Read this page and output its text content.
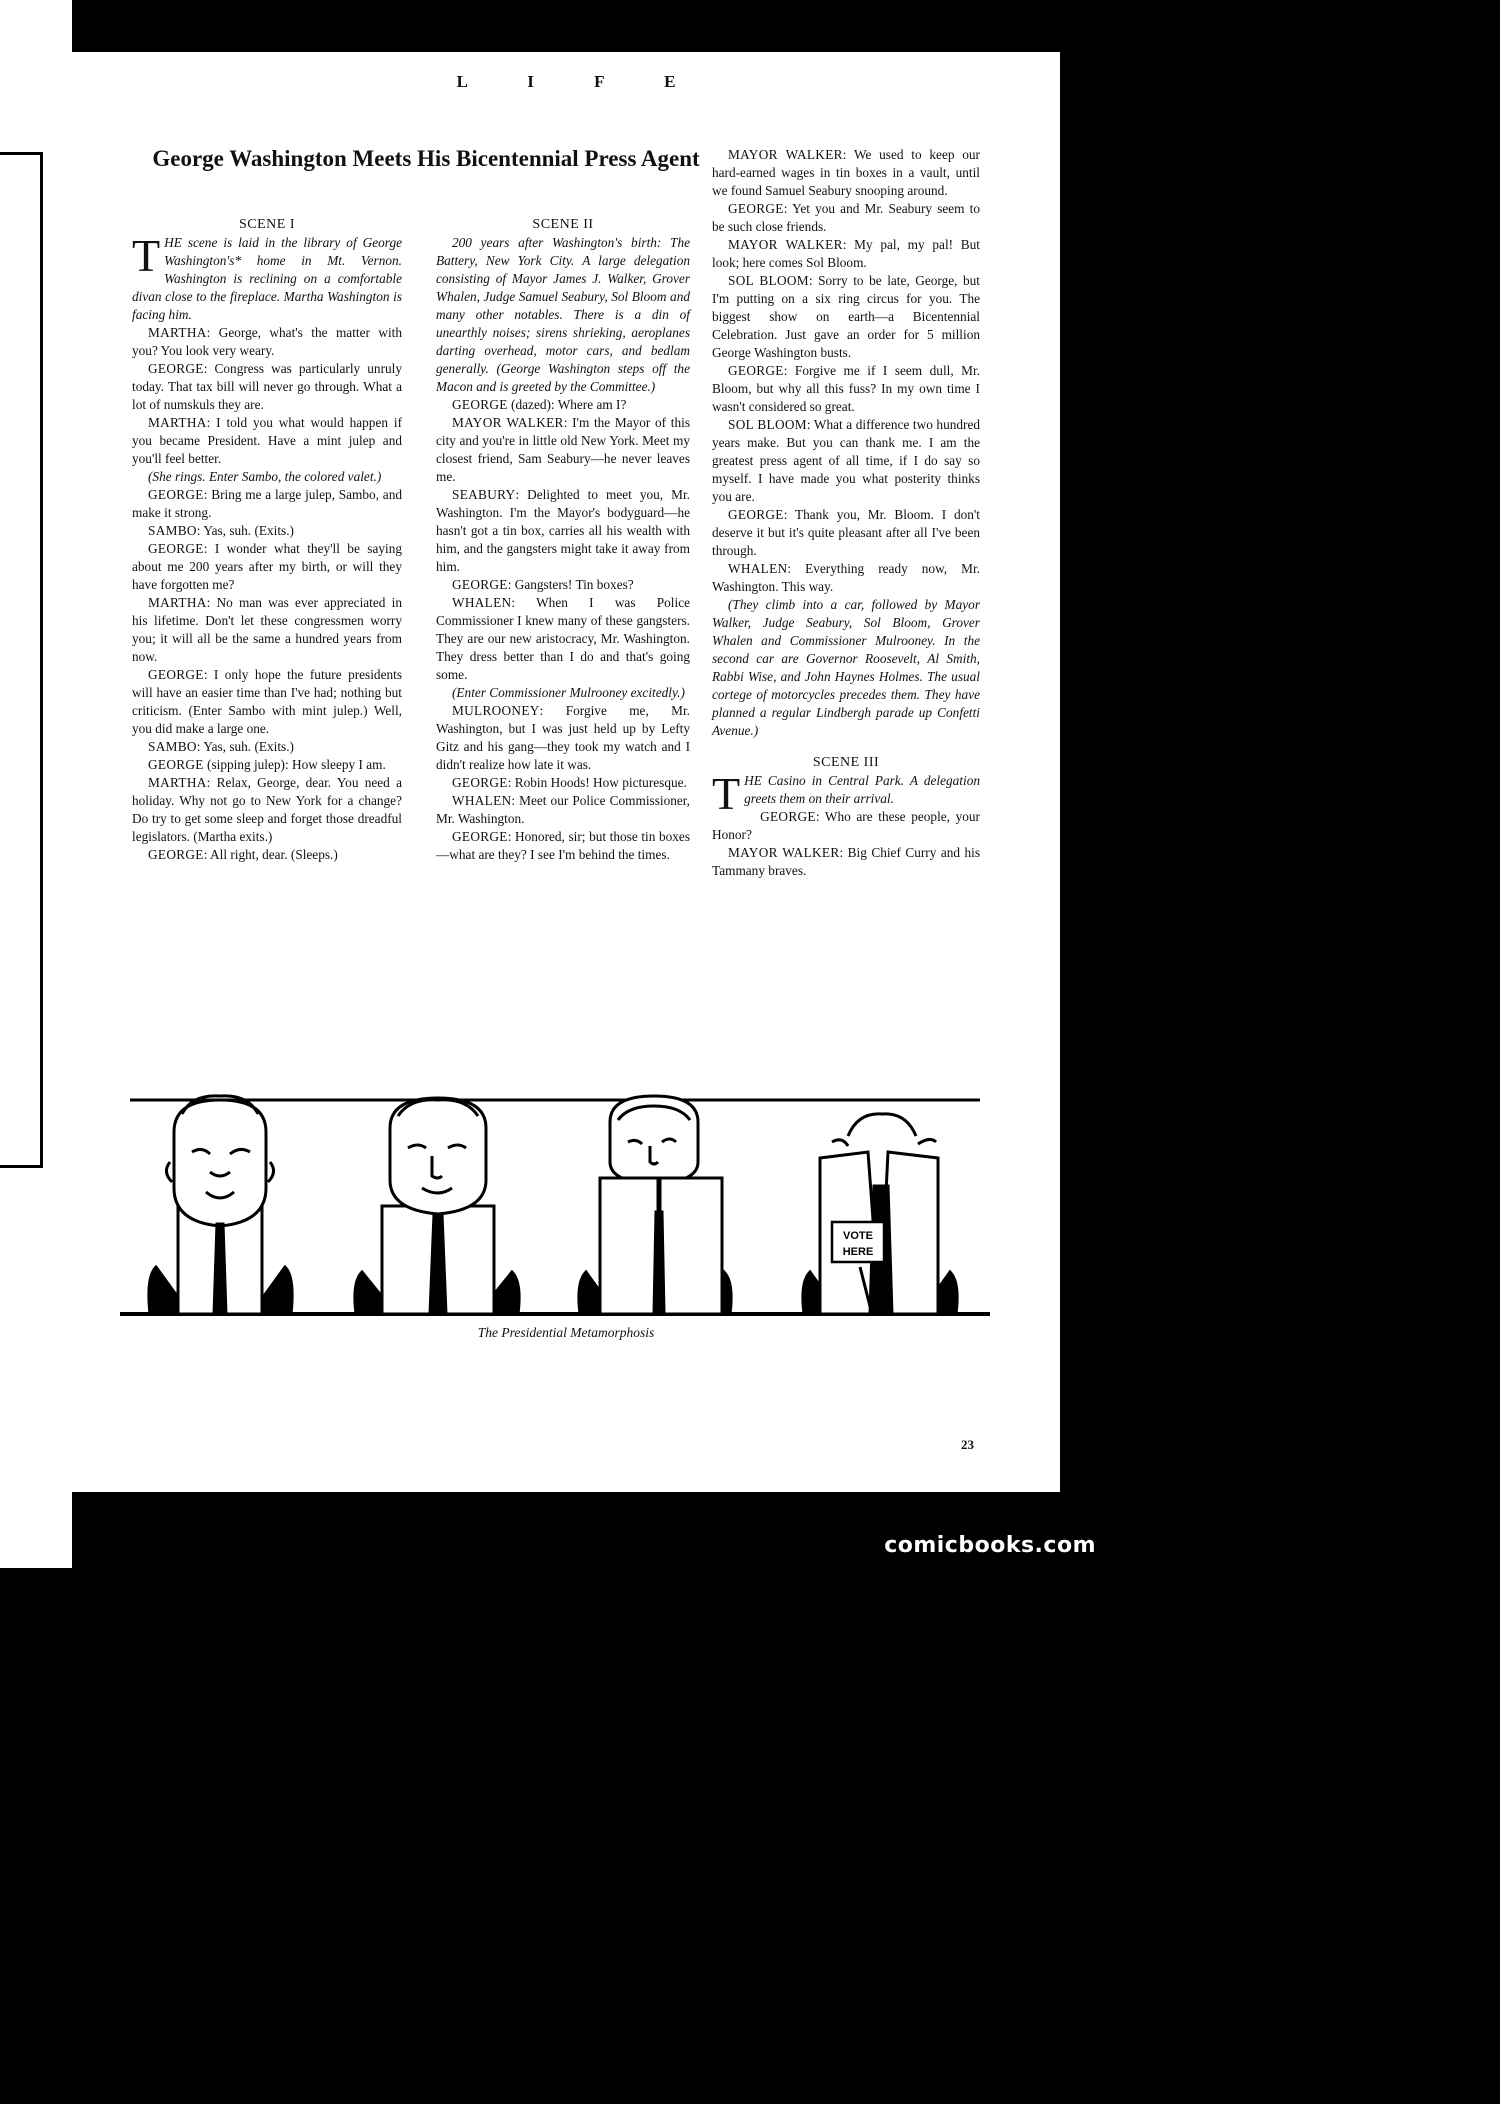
L I F E
George Washington Meets His Bicentennial Press Agent

SCENE I

THE scene is laid in the library of George Washington's* home in Mt. Vernon. Washington is reclining on a comfortable divan close to the fireplace. Martha Washington is facing him.

MARTHA: George, what's the matter with you? You look very weary.

GEORGE: Congress was particularly unruly today. That tax bill will never go through. What a lot of numskuls they are.

MARTHA: I told you what would happen if you became President. Have a mint julep and you'll feel better.

(She rings. Enter Sambo, the colored valet.)

GEORGE: Bring me a large julep, Sambo, and make it strong.

SAMBO: Yas, suh. (Exits.)

GEORGE: I wonder what they'll be saying about me 200 years after my birth, or will they have forgotten me?

MARTHA: No man was ever appreciated in his lifetime. Don't let these congressmen worry you; it will all be the same a hundred years from now.

GEORGE: I only hope the future presidents will have an easier time than I've had; nothing but criticism. (Enter Sambo with mint julep.) Well, you did make a large one.

SAMBO: Yas, suh. (Exits.)

GEORGE (sipping julep): How sleepy I am.

MARTHA: Relax, George, dear. You need a holiday. Why not go to New York for a change? Do try to get some sleep and forget those dreadful legislators. (Martha exits.)

GEORGE: All right, dear. (Sleeps.)

SCENE II

200 years after Washington's birth: The Battery, New York City. A large delegation consisting of Mayor James J. Walker, Grover Whalen, Judge Samuel Seabury, Sol Bloom and many other notables. There is a din of unearthly noises; sirens shrieking, aeroplanes darting overhead, motor cars, and bedlam generally. (George Washington steps off the Macon and is greeted by the Committee.)

GEORGE (dazed): Where am I?

MAYOR WALKER: I'm the Mayor of this city and you're in little old New York. Meet my closest friend, Sam Seabury—he never leaves me.

SEABURY: Delighted to meet you, Mr. Washington. I'm the Mayor's bodyguard—he hasn't got a tin box, carries all his wealth with him, and the gangsters might take it away from him.

GEORGE: Gangsters! Tin boxes?

WHALEN: When I was Police Commissioner I knew many of these gangsters. They are our new aristocracy, Mr. Washington. They dress better than I do and that's going some.

(Enter Commissioner Mulrooney excitedly.)

MULROONEY: Forgive me, Mr. Washington, but I was just held up by Lefty Gitz and his gang—they took my watch and I didn't realize how late it was.

GEORGE: Robin Hoods! How picturesque.

WHALEN: Meet our Police Commissioner, Mr. Washington.

GEORGE: Honored, sir; but those tin boxes—what are they? I see I'm behind the times.

MAYOR WALKER: We used to keep our hard-earned wages in tin boxes in a vault, until we found Samuel Seabury snooping around.

GEORGE: Yet you and Mr. Seabury seem to be such close friends.

MAYOR WALKER: My pal, my pal! But look; here comes Sol Bloom.

SOL BLOOM: Sorry to be late, George, but I'm putting on a six ring circus for you. The biggest show on earth—a Bicentennial Celebration. Just gave an order for 5 million George Washington busts.

GEORGE: Forgive me if I seem dull, Mr. Bloom, but why all this fuss? In my own time I wasn't considered so great.

SOL BLOOM: What a difference two hundred years make. But you can thank me. I am the greatest press agent of all time, if I do say so myself. I have made you what posterity thinks you are.

GEORGE: Thank you, Mr. Bloom. I don't deserve it but it's quite pleasant after all I've been through.

WHALEN: Everything ready now, Mr. Washington. This way.

(They climb into a car, followed by Mayor Walker, Judge Seabury, Sol Bloom, Grover Whalen and Commissioner Mulrooney. In the second car are Governor Roosevelt, Al Smith, Rabbi Wise, and John Haynes Holmes. The usual cortege of motorcycles precedes them. They have planned a regular Lindbergh parade up Confetti Avenue.)

SCENE III

THE Casino in Central Park. A delegation greets them on their arrival.

GEORGE: Who are these people, your Honor?

MAYOR WALKER: Big Chief Curry and his Tammany braves.

VOTE
HERE
The Presidential Metamorphosis
23
comicbooks.com
